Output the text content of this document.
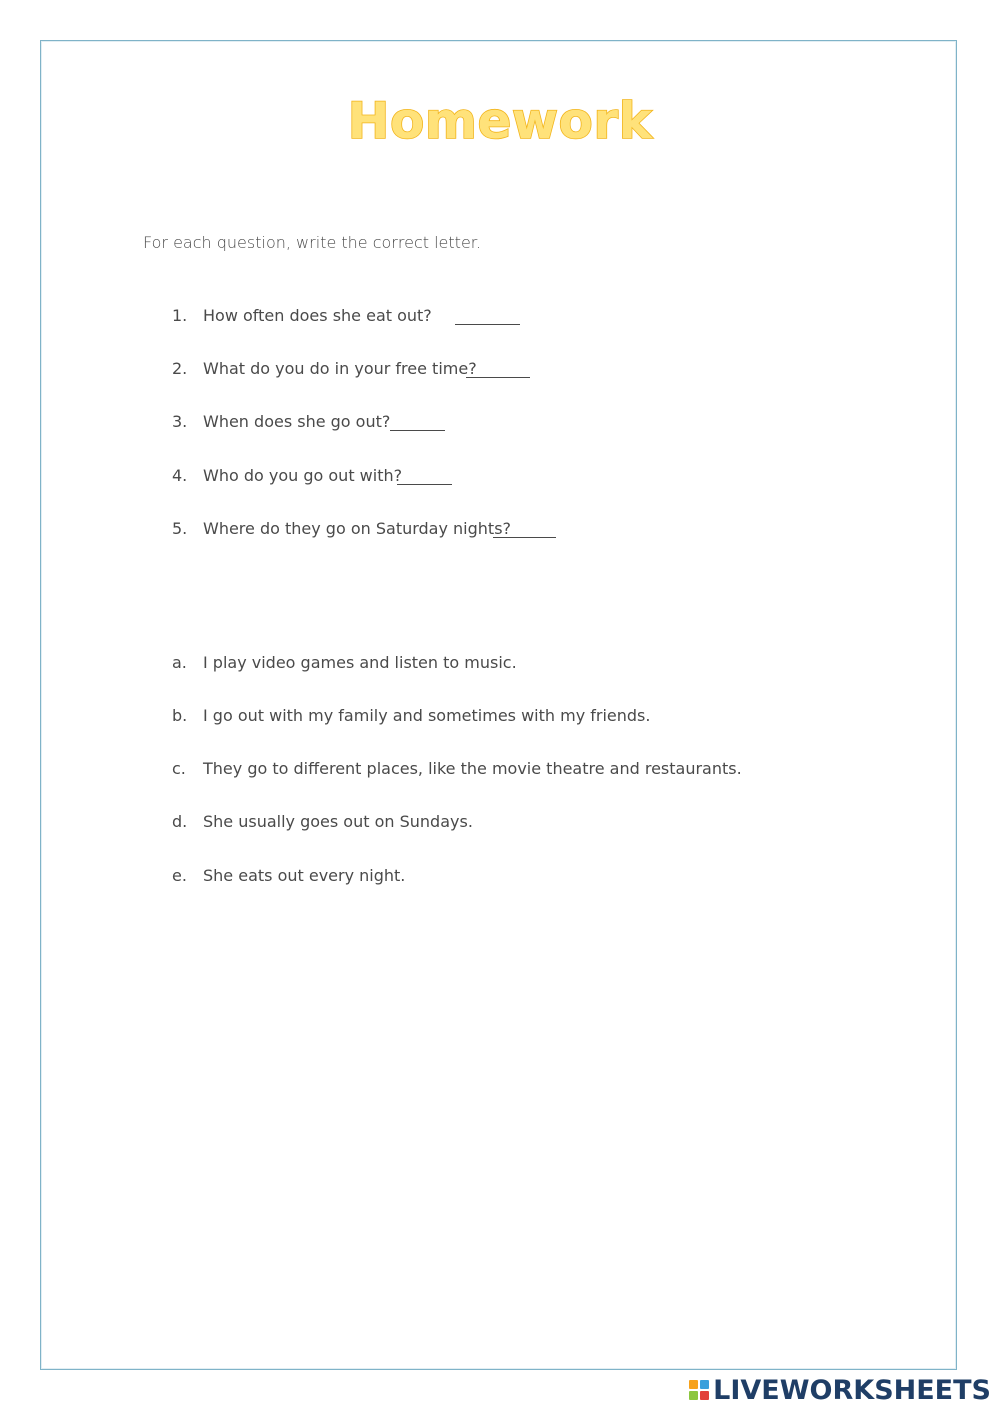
Homework
For each question, write the correct letter.
1. How often does she eat out?
2. What do you do in your free time?
3. When does she go out?
4. Who do you go out with?
5. Where do they go on Saturday nights?
a.	I play video games and listen to music.
b. I go out with my family and sometimes with my friends.
c.	They go to different places, like the movie theatre and restaurants.
d. She usually goes out on Sundays.
e.	She eats out every night.
LIVEWORKSHEETS
